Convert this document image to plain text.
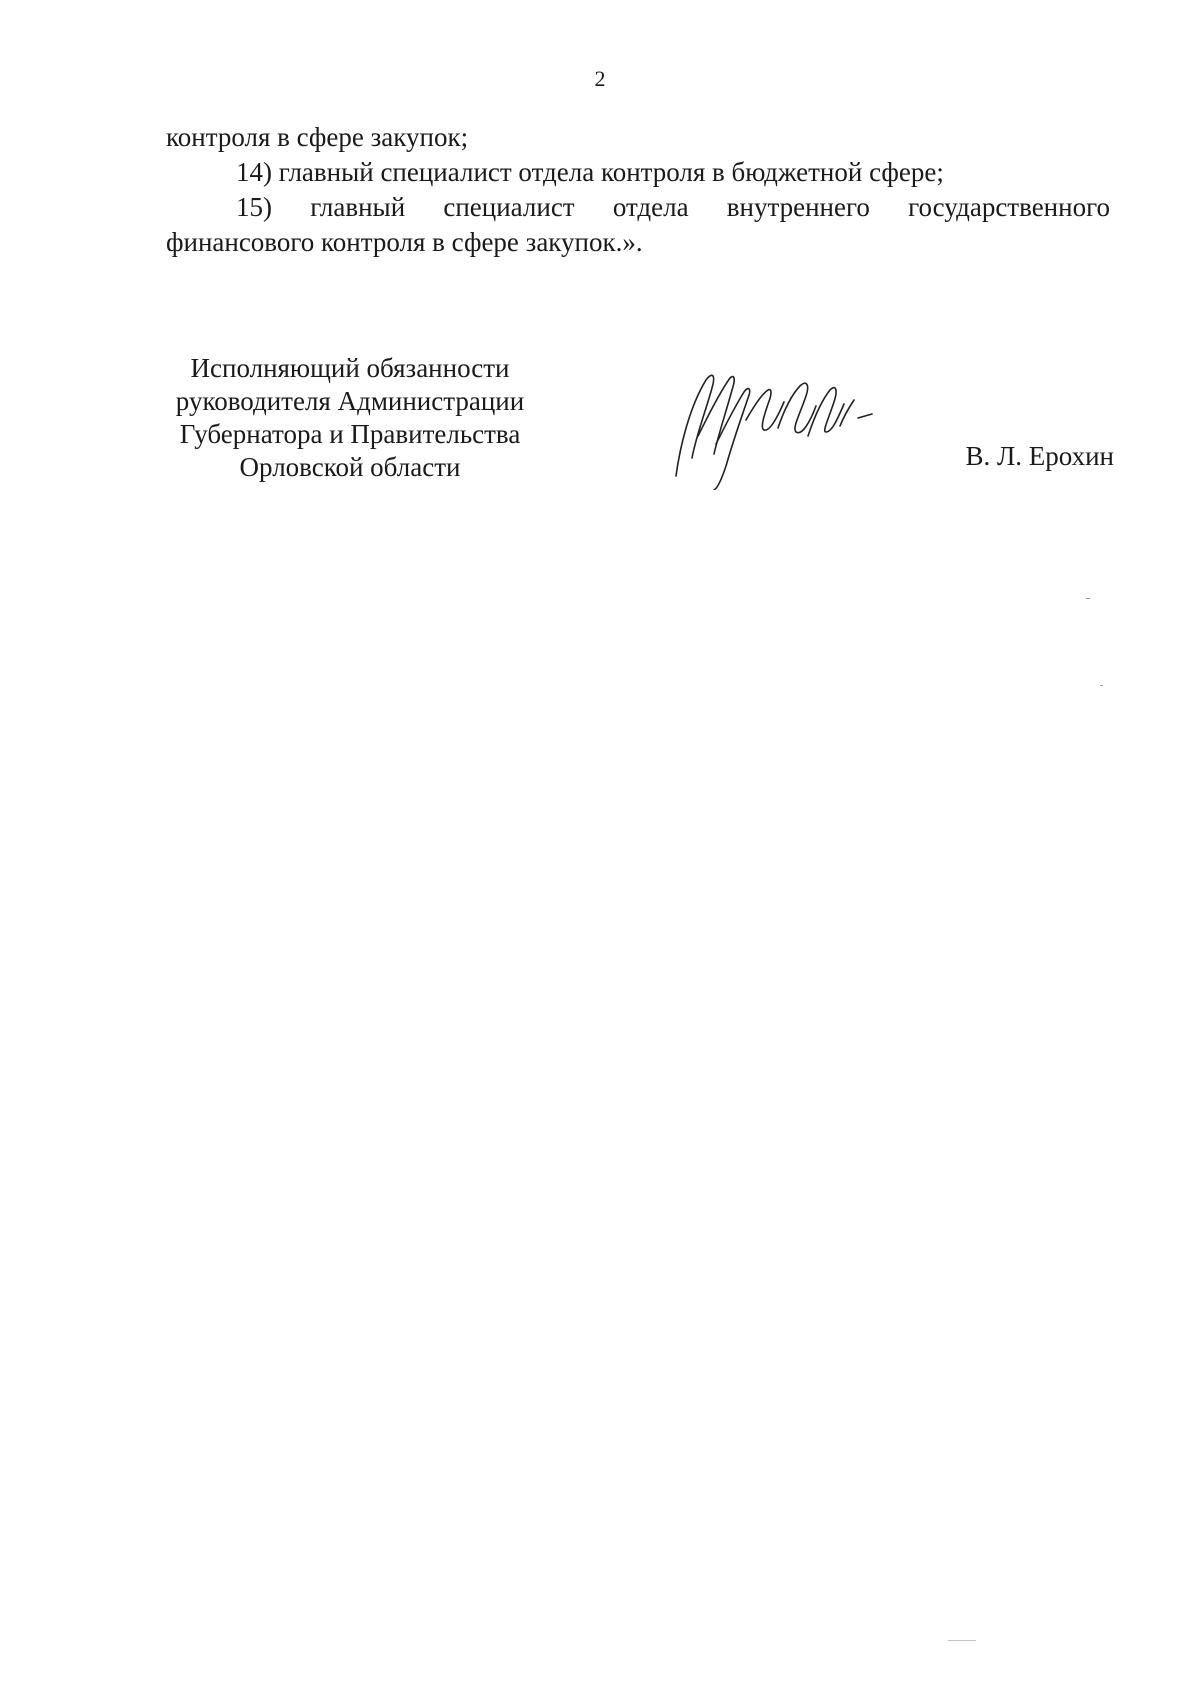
2

контроля в сфере закупок;

14) главный специалист отдела контроля в бюджетной сфере;

15) главный специалист отдела внутреннего государственного

финансового контроля в сфере закупок.».

Исполняющий обязанности
руководителя Администрации
Губернатора и Правительства
Орловской области	В. Л. Ерохин
